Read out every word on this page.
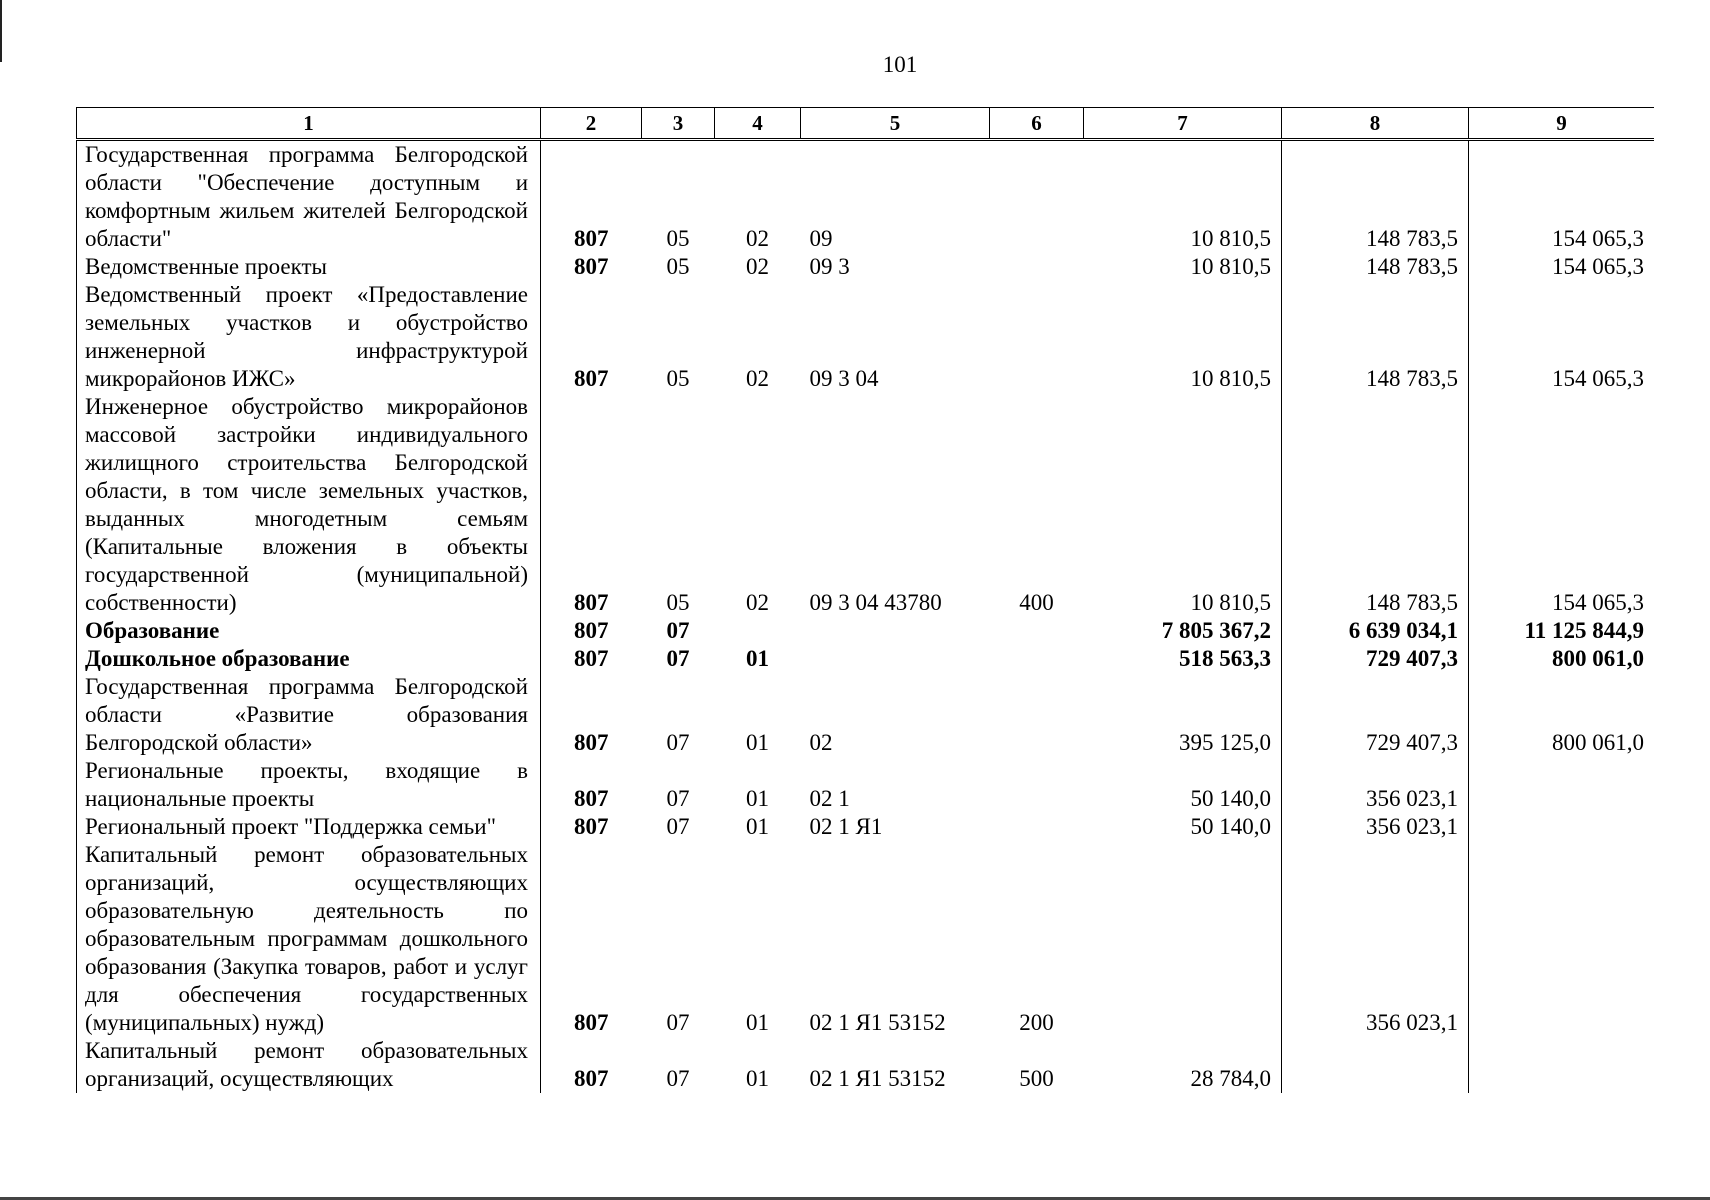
101
1	2	3	4	5	6	7	8	9
Государственная программа Белгородской области "Обеспечение доступным и комфортным жильем жителей Белгородской области"	807	05	02	09		10 810,5	148 783,5	154 065,3
Ведомственные проекты	807	05	02	09 3		10 810,5	148 783,5	154 065,3
Ведомственный проект «Предоставление земельных участков и обустройство инженерной инфраструктурой микрорайонов ИЖС»	807	05	02	09 3 04		10 810,5	148 783,5	154 065,3
Инженерное обустройство микрорайонов массовой застройки индивидуального жилищного строительства Белгородской области, в том числе земельных участков, выданных многодетным семьям (Капитальные вложения в объекты государственной (муниципальной) собственности)	807	05	02	09 3 04 43780	400	10 810,5	148 783,5	154 065,3
Образование	807	07				7 805 367,2	6 639 034,1	11 125 844,9
Дошкольное образование	807	07	01			518 563,3	729 407,3	800 061,0
Государственная программа Белгородской области «Развитие образования Белгородской области»	807	07	01	02		395 125,0	729 407,3	800 061,0
Региональные проекты, входящие в национальные проекты	807	07	01	02 1		50 140,0	356 023,1	
Региональный проект "Поддержка семьи"	807	07	01	02 1 Я1		50 140,0	356 023,1	
Капитальный ремонт образовательных организаций, осуществляющих образовательную деятельность по образовательным программам дошкольного образования (Закупка товаров, работ и услуг для обеспечения государственных (муниципальных) нужд)	807	07	01	02 1 Я1 53152	200		356 023,1	
Капитальный ремонт образовательных организаций, осуществляющих	807	07	01	02 1 Я1 53152	500	28 784,0		
